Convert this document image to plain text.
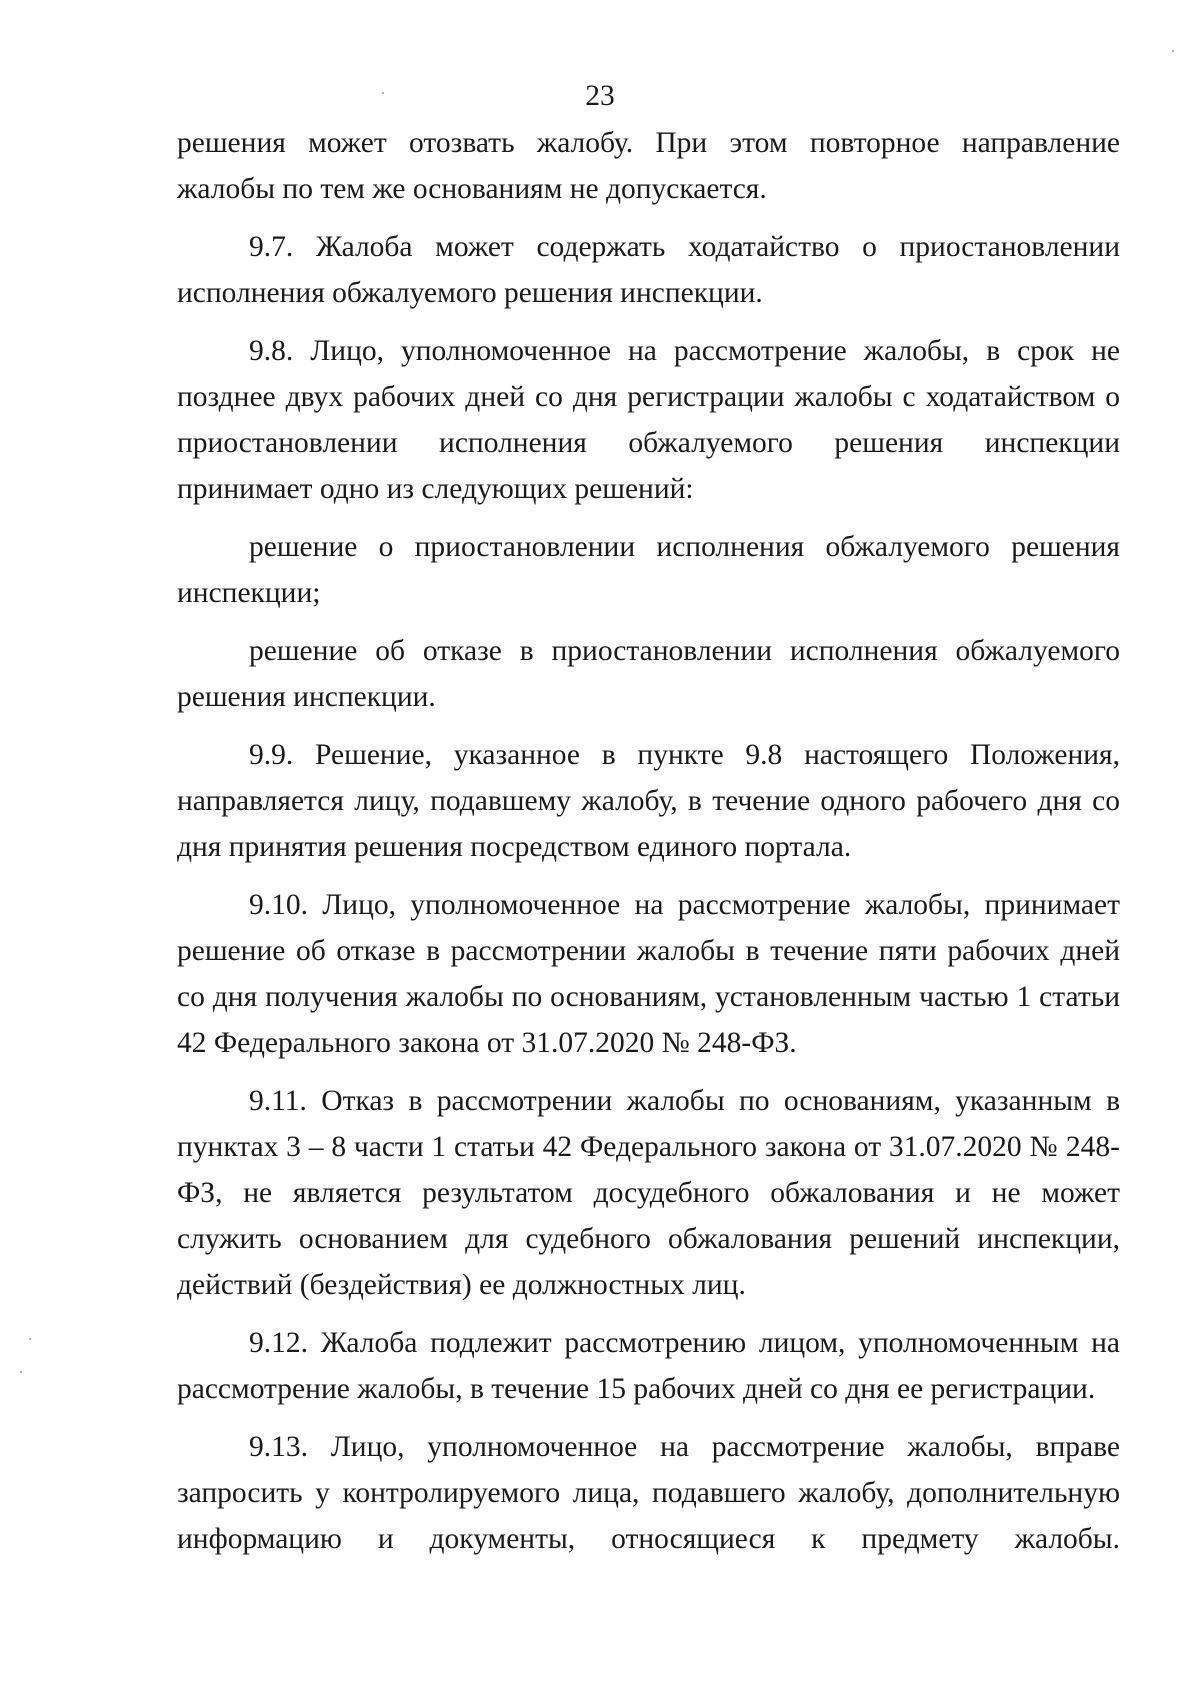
23

решения может отозвать жалобу. При этом повторное направление жалобы по тем же основаниям не допускается.

9.7. Жалоба может содержать ходатайство о приостановлении исполнения обжалуемого решения инспекции.

9.8. Лицо, уполномоченное на рассмотрение жалобы, в срок не позднее двух рабочих дней со дня регистрации жалобы с ходатайством о приостановлении исполнения обжалуемого решения инспекции принимает одно из следующих решений:

решение о приостановлении исполнения обжалуемого решения инспекции;

решение об отказе в приостановлении исполнения обжалуемого решения инспекции.

9.9. Решение, указанное в пункте 9.8 настоящего Положения, направляется лицу, подавшему жалобу, в течение одного рабочего дня со дня принятия решения посредством единого портала.

9.10. Лицо, уполномоченное на рассмотрение жалобы, принимает решение об отказе в рассмотрении жалобы в течение пяти рабочих дней со дня получения жалобы по основаниям, установленным частью 1 статьи 42 Федерального закона от 31.07.2020 № 248-ФЗ.

9.11. Отказ в рассмотрении жалобы по основаниям, указанным в пунктах 3 – 8 части 1 статьи 42 Федерального закона от 31.07.2020 № 248-ФЗ, не является результатом досудебного обжалования и не может служить основанием для судебного обжалования решений инспекции, действий (бездействия) ее должностных лиц.

9.12. Жалоба подлежит рассмотрению лицом, уполномоченным на рассмотрение жалобы, в течение 15 рабочих дней со дня ее регистрации.

9.13. Лицо, уполномоченное на рассмотрение жалобы, вправе запросить у контролируемого лица, подавшего жалобу, дополнительную информацию и документы, относящиеся к предмету жалобы.
